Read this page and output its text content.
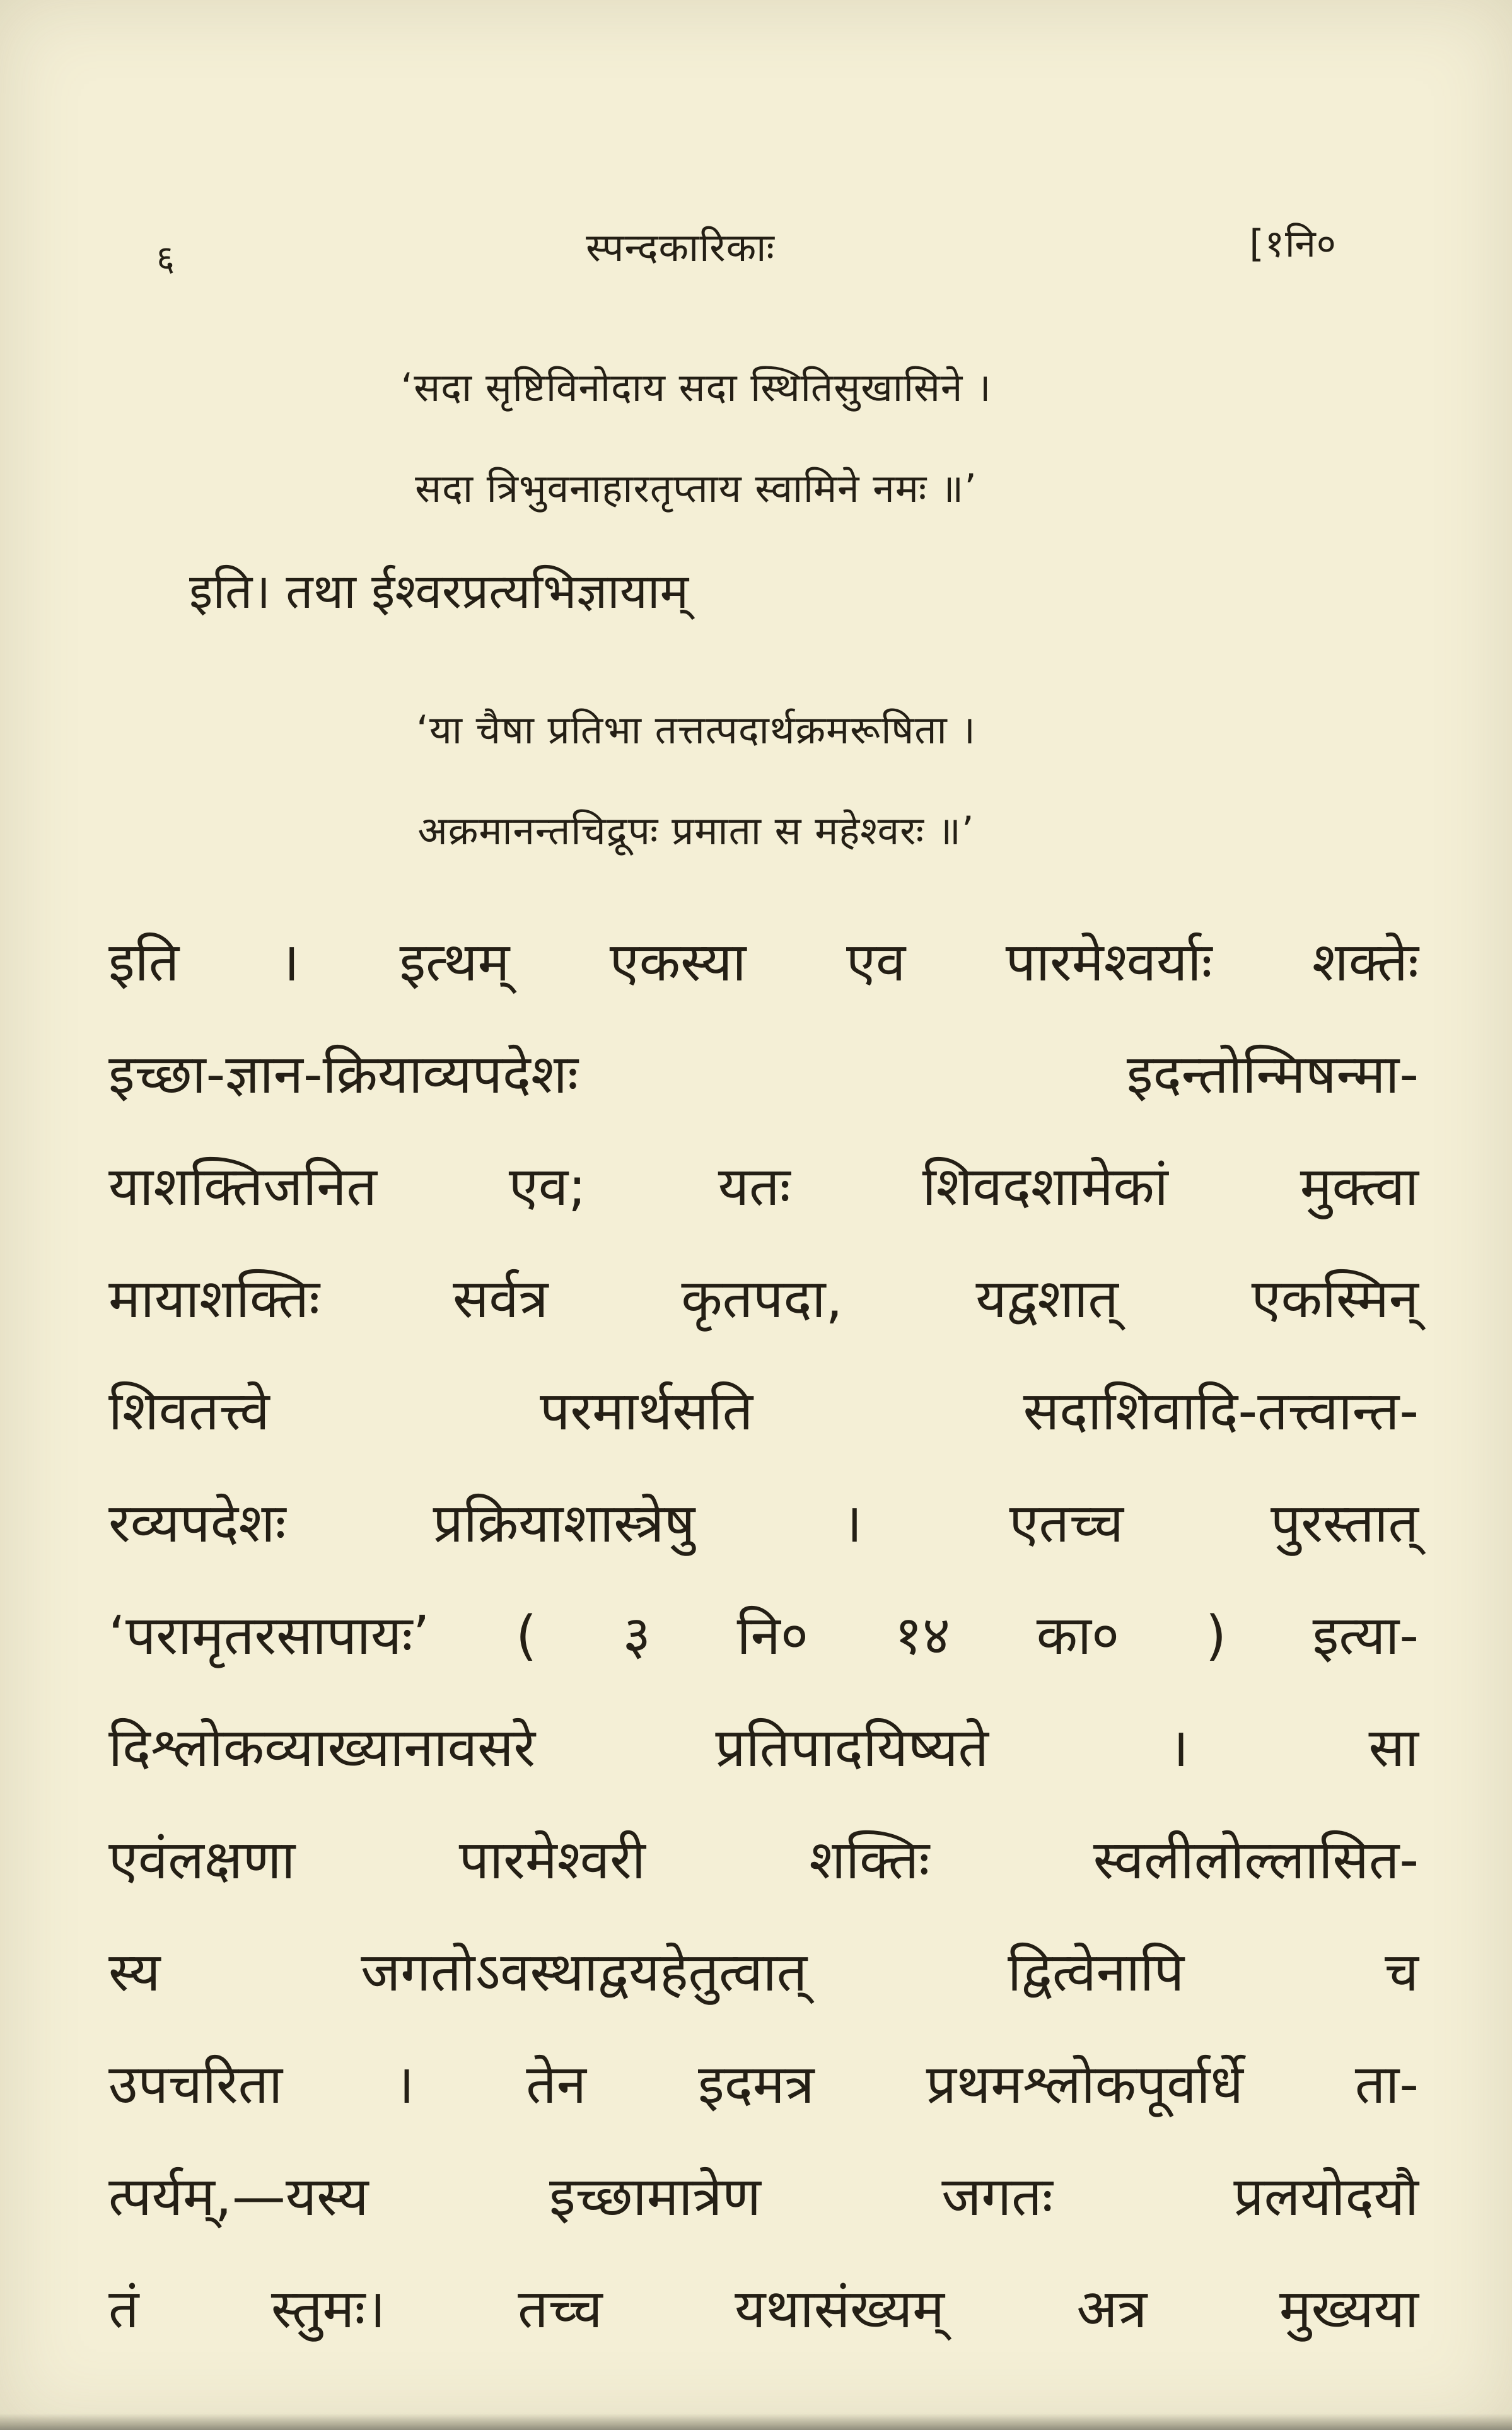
६	स्पन्दकारिकाः	[१नि०
‘सदा सृष्टिविनोदाय सदा स्थितिसुखासिने ।
सदा त्रिभुवनाहारतृप्ताय स्वामिने नमः ॥’
इति। तथा ईश्वरप्रत्यभिज्ञायाम्
‘या चैषा प्रतिभा तत्तत्पदार्थक्रमरूषिता ।
अक्रमानन्तचिद्रूपः प्रमाता स महेश्वरः ॥’
इति । इत्थम् एकस्या एव पारमेश्वर्याः शक्तेः
इच्छा-ज्ञान-क्रियाव्यपदेशः इदन्तोन्मिषन्मा-
याशक्तिजनित एव; यतः शिवदशामेकां मुक्त्वा
मायाशक्तिः सर्वत्र कृतपदा, यद्वशात् एकस्मिन्
शिवतत्त्वे परमार्थसति सदाशिवादि-तत्त्वान्त-
रव्यपदेशः प्रक्रियाशास्त्रेषु । एतच्च पुरस्तात्
‘परामृतरसापायः’ ( ३ नि० १४ का० ) इत्या-
दिश्लोकव्याख्यानावसरे प्रतिपादयिष्यते । सा
एवंलक्षणा पारमेश्वरी शक्तिः स्वलीलोल्लासित-
स्य जगतोऽवस्थाद्वयहेतुत्वात् द्वित्वेनापि च
उपचरिता । तेन इदमत्र प्रथमश्लोकपूर्वार्धे ता-
त्पर्यम्,—यस्य इच्छामात्रेण जगतः प्रलयोदयौ
तं स्तुमः। तच्च यथासंख्यम् अत्र मुख्यया
